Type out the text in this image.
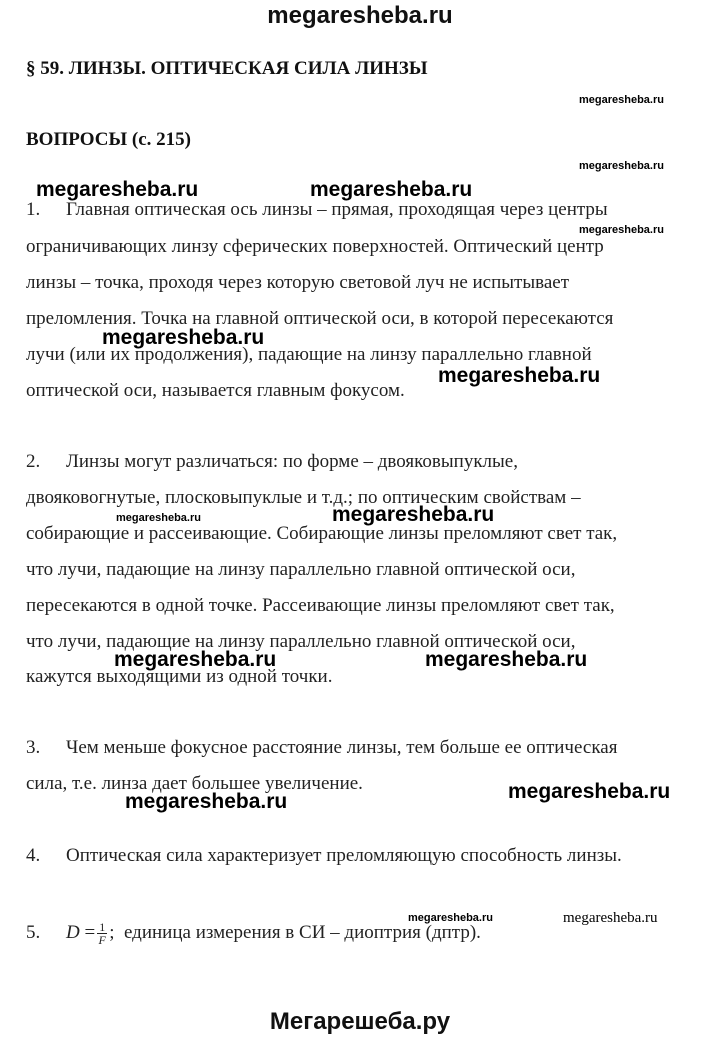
megaresheba.ru
§ 59. ЛИНЗЫ. ОПТИЧЕСКАЯ СИЛА ЛИНЗЫ
ВОПРОСЫ (с. 215)
1. Главная оптическая ось линзы – прямая, проходящая через центры
ограничивающих линзу сферических поверхностей. Оптический центр
линзы – точка, проходя через которую световой луч не испытывает
преломления. Точка на главной оптической оси, в которой пересекаются
лучи (или их продолжения), падающие на линзу параллельно главной
оптической оси, называется главным фокусом.
2. Линзы могут различаться: по форме – двояковыпуклые,
двояковогнутые, плосковыпуклые и т.д.; по оптическим свойствам –
собирающие и рассеивающие. Собирающие линзы преломляют свет так,
что лучи, падающие на линзу параллельно главной оптической оси,
пересекаются в одной точке. Рассеивающие линзы преломляют свет так,
что лучи, падающие на линзу параллельно главной оптической оси,
кажутся выходящими из одной точки.
3. Чем меньше фокусное расстояние линзы, тем больше ее оптическая
сила, т.е. линза дает большее увеличение.
4. Оптическая сила характеризует преломляющую способность линзы.
5. $D = \frac{1}{F}$ ; единица измерения в СИ – диоптрия (дптр).
megaresheba.ru
megaresheba.ru
megaresheba.ru	megaresheba.ru
megaresheba.ru
megaresheba.ru
megaresheba.ru
megaresheba.ru	megaresheba.ru
megaresheba.ru	megaresheba.ru
megaresheba.ru
megaresheba.ru
megaresheba.ru	megaresheba.ru
Мегарешеба.ру
